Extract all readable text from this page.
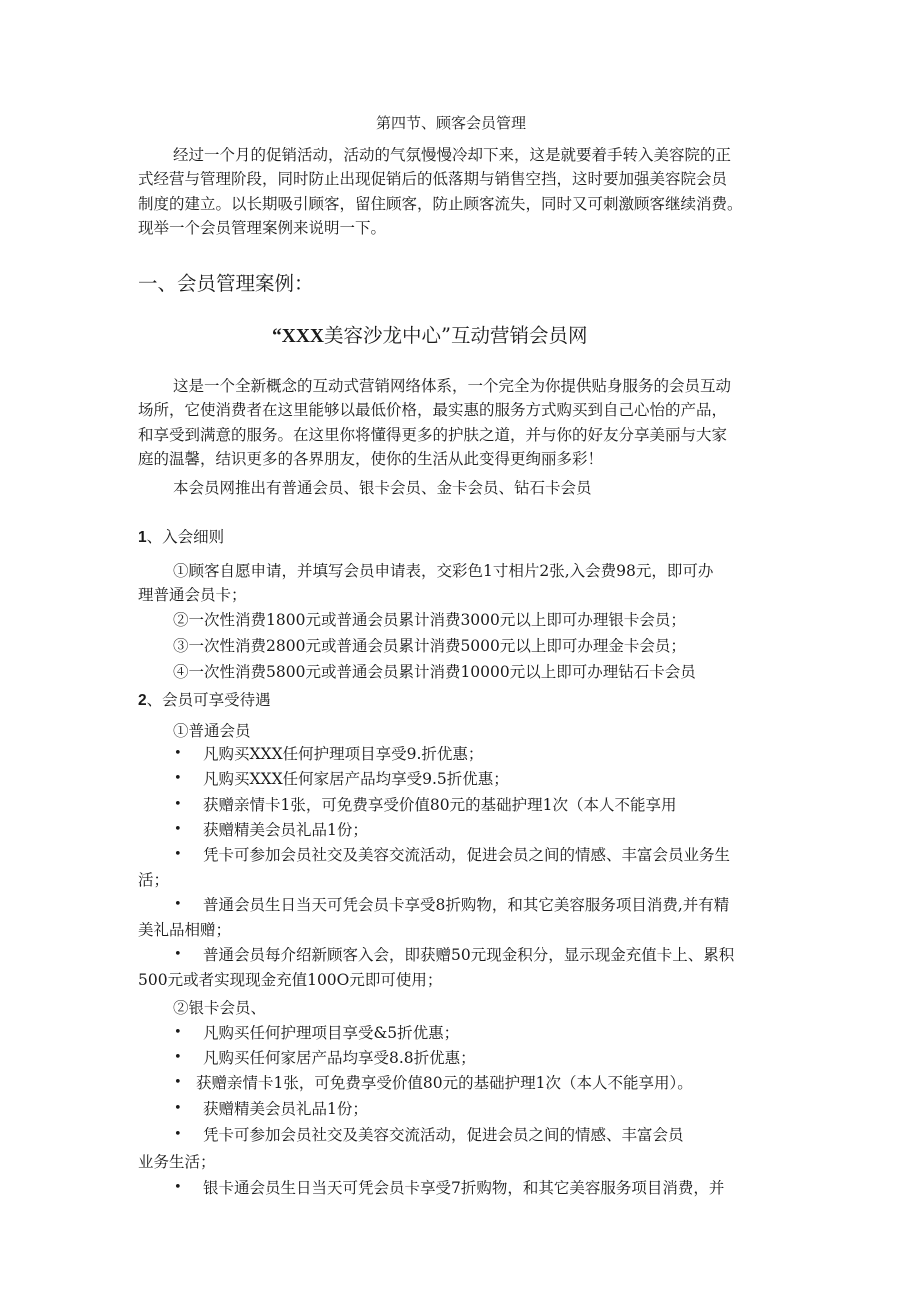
第四节、顾客会员管理
经过一个月的促销活动，活动的气氛慢慢冷却下来，这是就要着手转入美容院的正
式经营与管理阶段，同时防止出现促销后的低落期与销售空挡，这时要加强美容院会员
制度的建立。以长期吸引顾客，留住顾客，防止顾客流失，同时又可刺激顾客继续消费。
现举一个会员管理案例来说明一下。
一、会员管理案例：
“XXX美容沙龙中心”互动营销会员网
这是一个全新概念的互动式营销网络体系，一个完全为你提供贴身服务的会员互动
场所，它使消费者在这里能够以最低价格，最实惠的服务方式购买到自己心怡的产品，
和享受到满意的服务。在这里你将懂得更多的护肤之道，并与你的好友分享美丽与大家
庭的温馨，结识更多的各界朋友，使你的生活从此变得更绚丽多彩！
本会员网推出有普通会员、银卡会员、金卡会员、钻石卡会员
1、入会细则
①顾客自愿申请，并填写会员申请表，交彩色1寸相片2张,入会费98元，即可办
理普通会员卡；
②一次性消费1800元或普通会员累计消费3000元以上即可办理银卡会员；
③一次性消费2800元或普通会员累计消费5000元以上即可办理金卡会员；
④一次性消费5800元或普通会员累计消费10000元以上即可办理钻石卡会员
2、会员可享受待遇
①普通会员
• 凡购买XXX任何护理项目享受9.折优惠；
• 凡购买XXX任何家居产品均享受9.5折优惠；
• 获赠亲情卡1张，可免费享受价值80元的基础护理1次（本人不能享用
• 获赠精美会员礼品1份；
• 凭卡可参加会员社交及美容交流活动，促进会员之间的情感、丰富会员业务生
活；
• 普通会员生日当天可凭会员卡享受8折购物，和其它美容服务项目消费,并有精
美礼品相赠；
• 普通会员每介绍新顾客入会，即获赠50元现金积分，显示现金充值卡上、累积
500元或者实现现金充值100O元即可使用；
②银卡会员、
• 凡购买任何护理项目享受&5折优惠；
• 凡购买任何家居产品均享受8.8折优惠；
• 获赠亲情卡1张，可免费享受价值80元的基础护理1次（本人不能享用）。
• 获赠精美会员礼品1份；
• 凭卡可参加会员社交及美容交流活动，促进会员之间的情感、丰富会员
业务生活；
• 银卡通会员生日当天可凭会员卡享受7折购物，和其它美容服务项目消费，并
